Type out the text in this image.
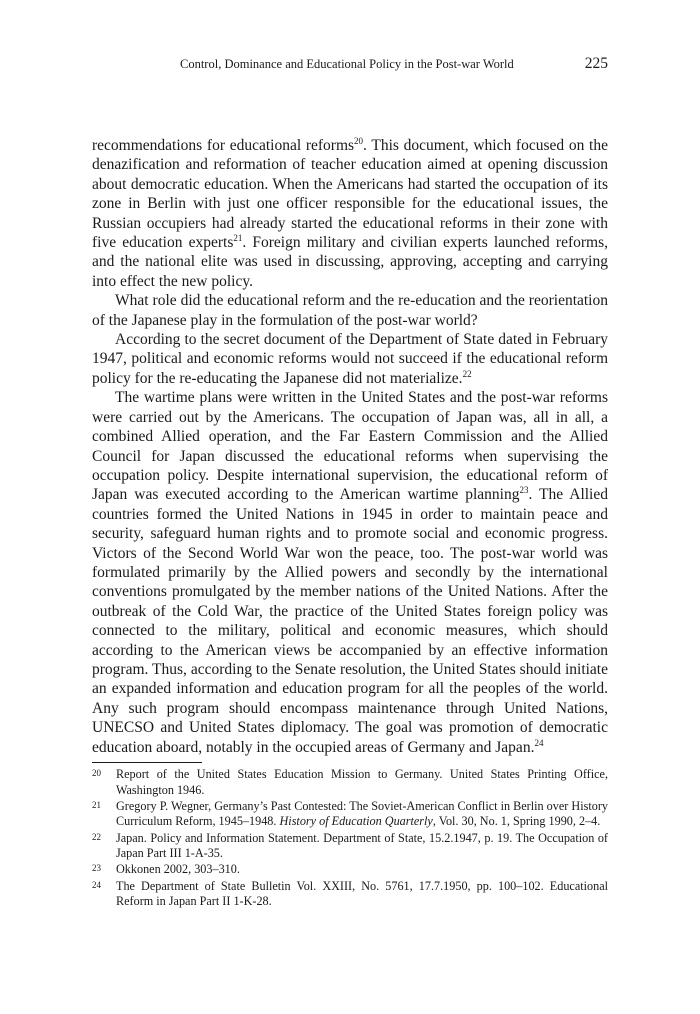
Control, Dominance and Educational Policy in the Post-war World	225

recommendations for educational reforms$^{20}$. This document, which focused on the denazification and reformation of teacher education aimed at opening discussion about democratic education. When the Americans had started the occupation of its zone in Berlin with just one officer responsible for the educational issues, the Russian occupiers had already started the educational reforms in their zone with five education experts$^{21}$. Foreign military and civilian experts launched reforms, and the national elite was used in discussing, approving, accepting and carrying into effect the new policy.

What role did the educational reform and the re-education and the reorientation of the Japanese play in the formulation of the post-war world?

According to the secret document of the Department of State dated in February 1947, political and economic reforms would not succeed if the educational reform policy for the re-educating the Japanese did not materialize.$^{22}$

The wartime plans were written in the United States and the post-war reforms were carried out by the Americans. The occupation of Japan was, all in all, a combined Allied operation, and the Far Eastern Commission and the Allied Council for Japan discussed the educational reforms when supervising the occupation policy. Despite international supervision, the educational reform of Japan was executed according to the American wartime planning$^{23}$. The Allied countries formed the United Nations in 1945 in order to maintain peace and security, safeguard human rights and to promote social and economic progress. Victors of the Second World War won the peace, too. The post-war world was formulated primarily by the Allied powers and secondly by the international conventions promulgated by the member nations of the United Nations. After the outbreak of the Cold War, the practice of the United States foreign policy was connected to the military, political and economic measures, which should according to the American views be accompanied by an effective information program. Thus, according to the Senate resolution, the United States should initiate an expanded information and education program for all the peoples of the world. Any such program should encompass maintenance through United Nations, UNECSO and United States diplomacy. The goal was promotion of democratic education aboard, notably in the occupied areas of Germany and Japan.$^{24}$

20 Report of the United States Education Mission to Germany. United States Printing Office, Washington 1946.
21 Gregory P. Wegner, Germany’s Past Contested: The Soviet-American Conflict in Berlin over History Curriculum Reform, 1945–1948. History of Education Quarterly, Vol. 30, No. 1, Spring 1990, 2–4.
22 Japan. Policy and Information Statement. Department of State, 15.2.1947, p. 19. The Occupation of Japan Part III 1-A-35.
23 Okkonen 2002, 303–310.
24 The Department of State Bulletin Vol. XXIII, No. 5761, 17.7.1950, pp. 100–102. Educational Reform in Japan Part II 1-K-28.
